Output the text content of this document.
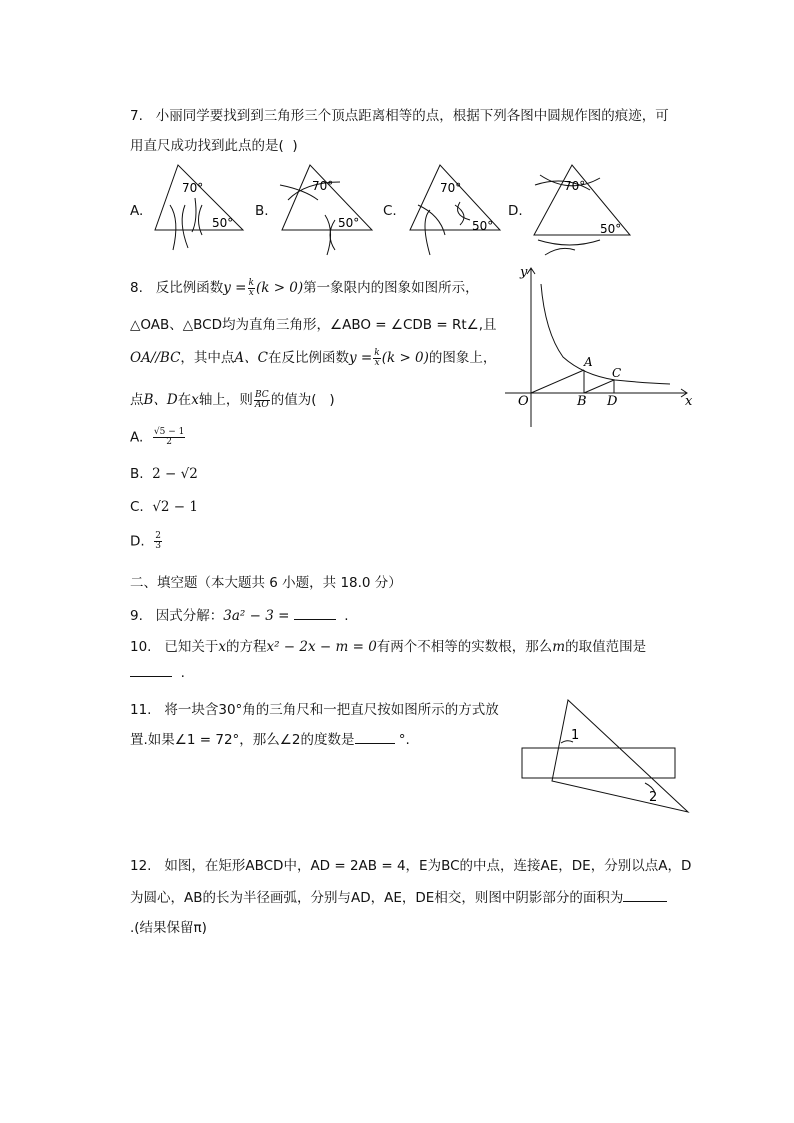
7. 小丽同学要找到到三角形三个顶点距离相等的点，根据下列各图中圆规作图的痕迹，可
用直尺成功找到此点的是(  )
A.	B.	C.	D.
70°
50°
70°
50°
70°
50°
70°
50°
8. 反比例函数$y = \frac{k}{x} (k > 0)$第一象限内的图象如图所示，
△OAB、△BCD均为直角三角形，∠ABO = ∠CDB = Rt∠,且
OA//BC，其中点A、C在反比例函数$y = \frac{k}{x} (k > 0)$的图象上，
点B、D在x轴上，则 $\frac{BC}{AO}$ 的值为(   )
A. $\frac{√5 - 1}{2}$
B. 2 − √2
C. √2 − 1
D. $\frac{2}{3}$
y
x
O
A
B
C
D
二、填空题（本大题共 6 小题，共 18.0 分）
9. 因式分解：3a² − 3 =	.
10. 已知关于x的方程x² − 2x − m = 0有两个不相等的实数根，那么m的取值范围是
.
11. 将一块含30°角的三角尺和一把直尺按如图所示的方式放
置.如果∠1 = 72°，那么∠2的度数是	°.	1
2
12. 如图，在矩形ABCD中，AD = 2AB = 4，E为BC的中点，连接AE，DE，分别以点A，D
为圆心，AB的长为半径画弧，分别与AD，AE，DE相交，则图中阴影部分的面积为
.(结果保留π)
